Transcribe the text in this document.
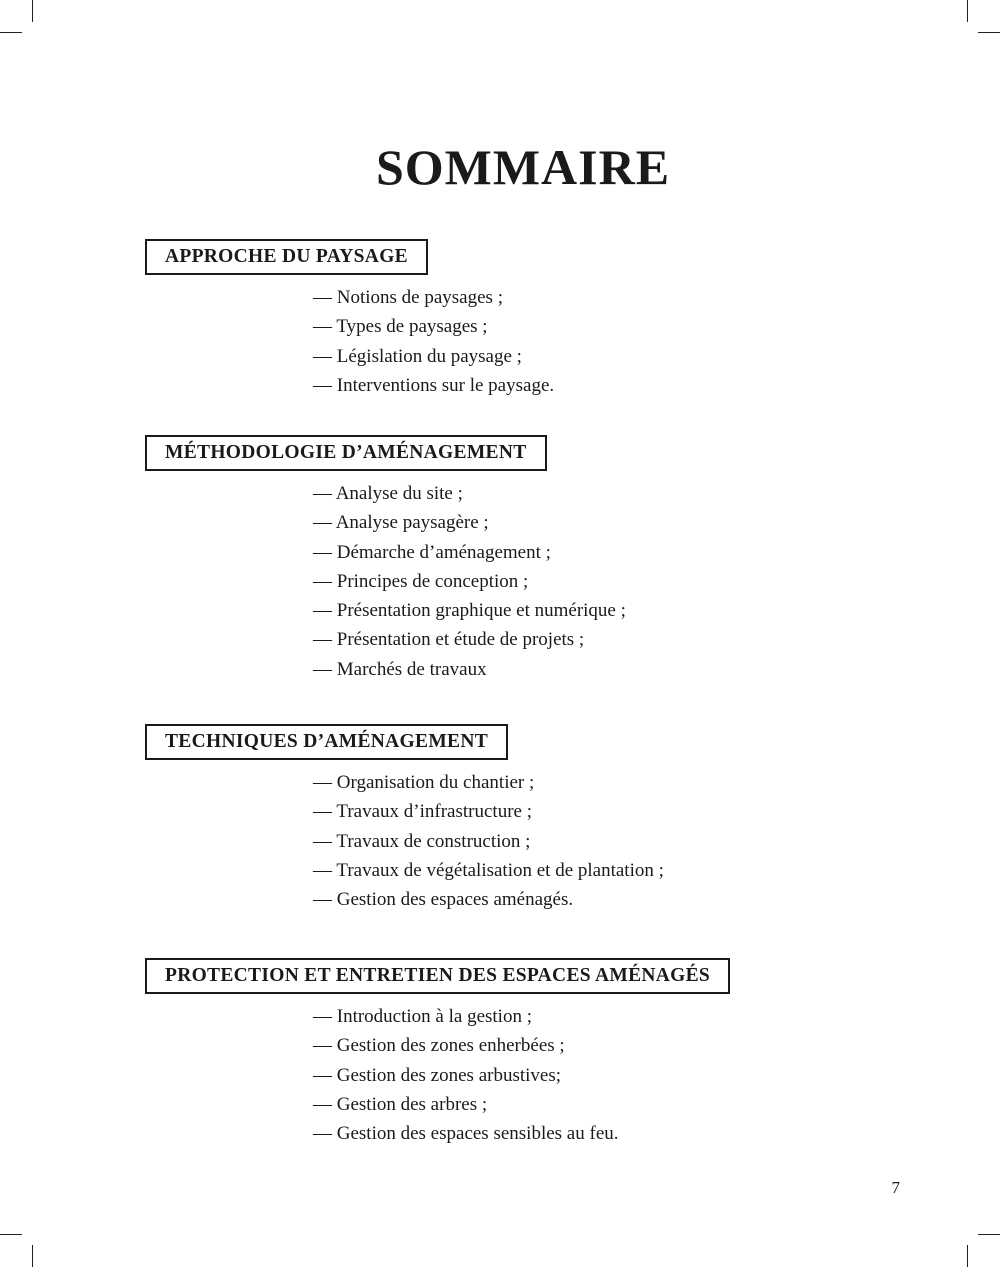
SOMMAIRE
APPROCHE DU PAYSAGE
— Notions de paysages ;
— Types de paysages ;
— Législation du paysage ;
— Interventions sur le paysage.
MÉTHODOLOGIE D’AMÉNAGEMENT
— Analyse du site ;
— Analyse paysagère ;
— Démarche d’aménagement ;
— Principes de conception ;
— Présentation graphique et numérique ;
— Présentation et étude de projets ;
— Marchés de travaux
TECHNIQUES D’AMÉNAGEMENT
— Organisation du chantier ;
— Travaux d’infrastructure ;
— Travaux de construction ;
— Travaux de végétalisation et de plantation ;
— Gestion des espaces aménagés.
PROTECTION ET ENTRETIEN DES ESPACES AMÉNAGÉS
— Introduction à la gestion ;
— Gestion des zones enherbées ;
— Gestion des zones arbustives;
— Gestion des arbres ;
— Gestion des espaces sensibles au feu.
7
